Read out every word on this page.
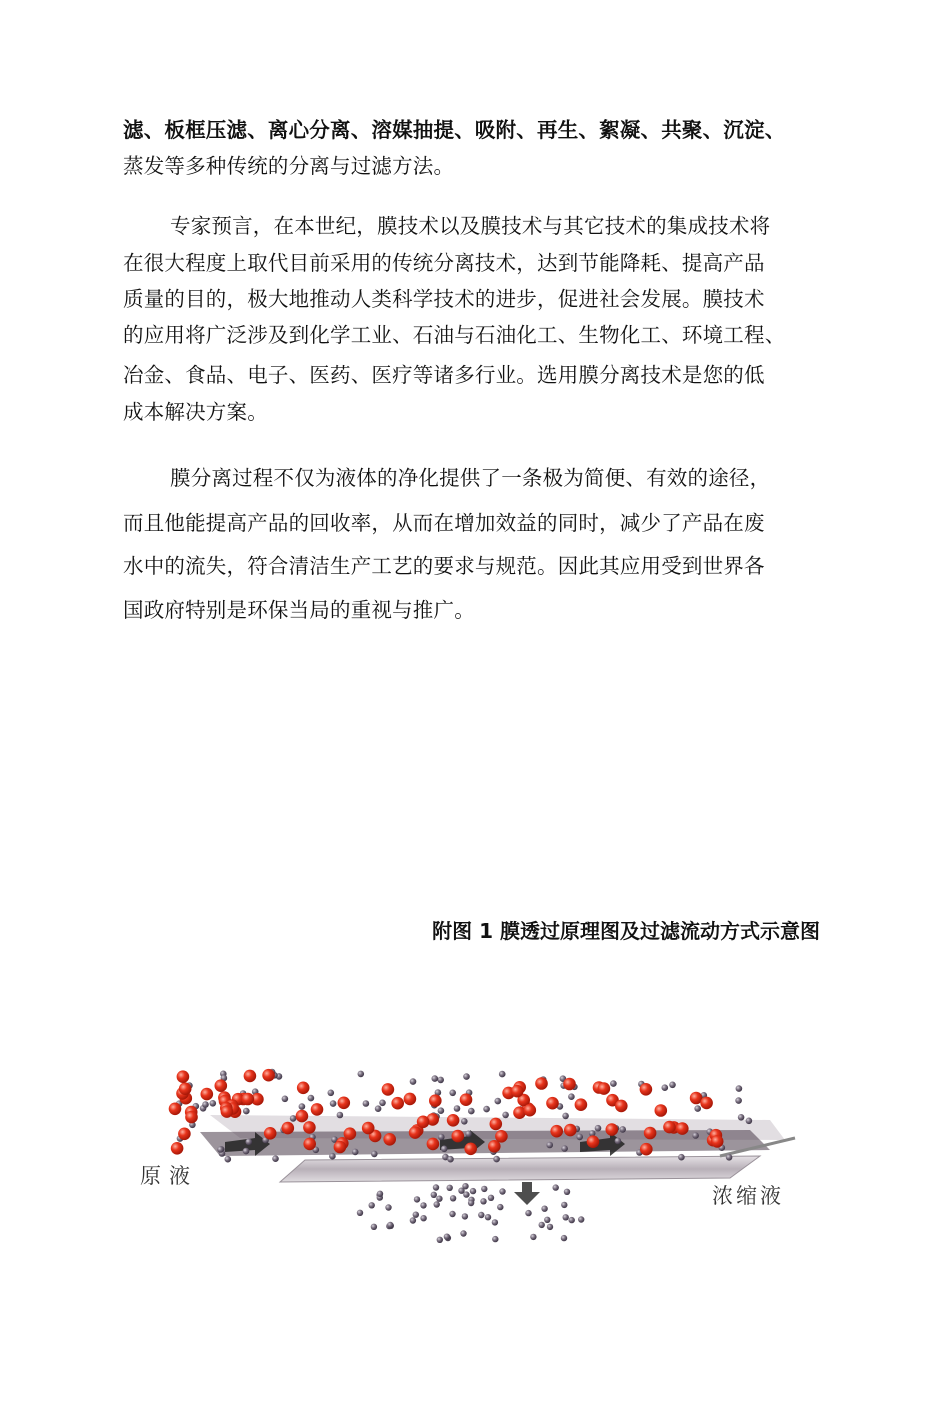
滤、板框压滤、离心分离、溶媒抽提、吸附、再生、絮凝、共聚、沉淀、
蒸发等多种传统的分离与过滤方法。
专家预言，在本世纪，膜技术以及膜技术与其它技术的集成技术将
在很大程度上取代目前采用的传统分离技术，达到节能降耗、提高产品
质量的目的，极大地推动人类科学技术的进步，促进社会发展。膜技术
的应用将广泛涉及到化学工业、石油与石油化工、生物化工、环境工程、
冶金、食品、电子、医药、医疗等诸多行业。选用膜分离技术是您的低
成本解决方案。
膜分离过程不仅为液体的净化提供了一条极为简便、有效的途径，
而且他能提高产品的回收率，从而在增加效益的同时，减少了产品在废
水中的流失，符合清洁生产工艺的要求与规范。因此其应用受到世界各
国政府特别是环保当局的重视与推广。
附图 1 膜透过原理图及过滤流动方式示意图
原液
浓缩液
